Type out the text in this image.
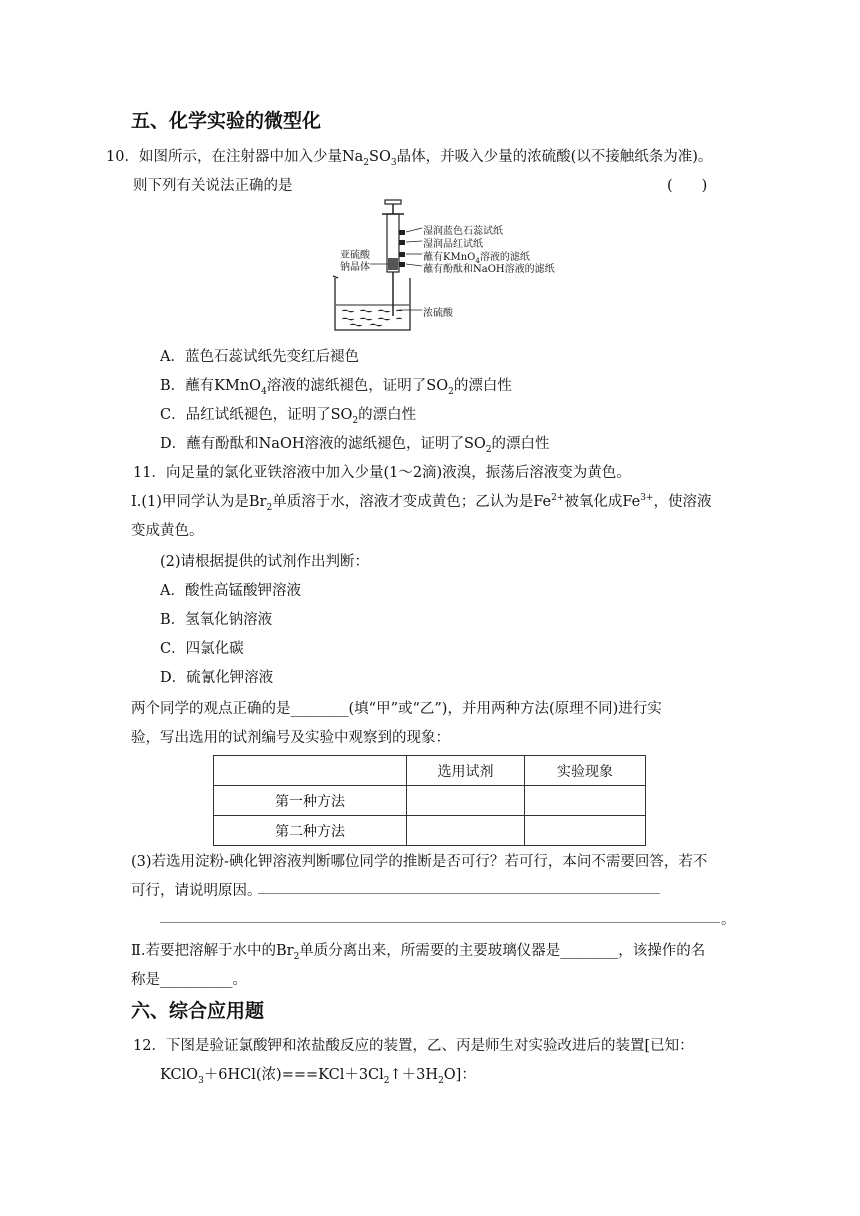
五、化学实验的微型化
10．如图所示，在注射器中加入少量$Na_2SO_3$晶体，并吸入少量的浓硫酸(以不接触纸条为准)。
则下列有关说法正确的是	(　　)
亚硫酸
钠晶体
湿润蓝色石蕊试纸
湿润品红试纸
蘸有KMnO$_4$溶液的滤纸
蘸有酚酞和NaOH溶液的滤纸
浓硫酸
A．蓝色石蕊试纸先变红后褪色
B．蘸有KMnO$_4$溶液的滤纸褪色，证明了$SO_2$的漂白性
C．品红试纸褪色，证明了$SO_2$的漂白性
D．蘸有酚酞和NaOH溶液的滤纸褪色，证明了$SO_2$的漂白性
11．向足量的氯化亚铁溶液中加入少量(1～2滴)液溴，振荡后溶液变为黄色。
Ⅰ.(1)甲同学认为是$Br_2$单质溶于水，溶液才变成黄色；乙认为是$Fe^{2+}$被氧化成$Fe^{3+}$，使溶液
变成黄色。
(2)请根据提供的试剂作出判断：
A．酸性高锰酸钾溶液
B．氢氧化钠溶液
C．四氯化碳
D．硫氰化钾溶液
两个同学的观点正确的是________(填“甲”或“乙”)，并用两种方法(原理不同)进行实
验，写出选用的试剂编号及实验中观察到的现象：
	选用试剂	实验现象
第一种方法		
第二种方法		
(3)若选用淀粉-碘化钾溶液判断哪位同学的推断是否可行？若可行，本问不需要回答，若不
可行，请说明原因。
。
Ⅱ.若要把溶解于水中的$Br_2$单质分离出来，所需要的主要玻璃仪器是________，该操作的名
称是__________。
六、综合应用题
12．下图是验证氯酸钾和浓盐酸反应的装置，乙、丙是师生对实验改进后的装置[已知：
KClO$_3$＋6HCl(浓)$===KCl+3Cl_2↑+3H_2O$]：
